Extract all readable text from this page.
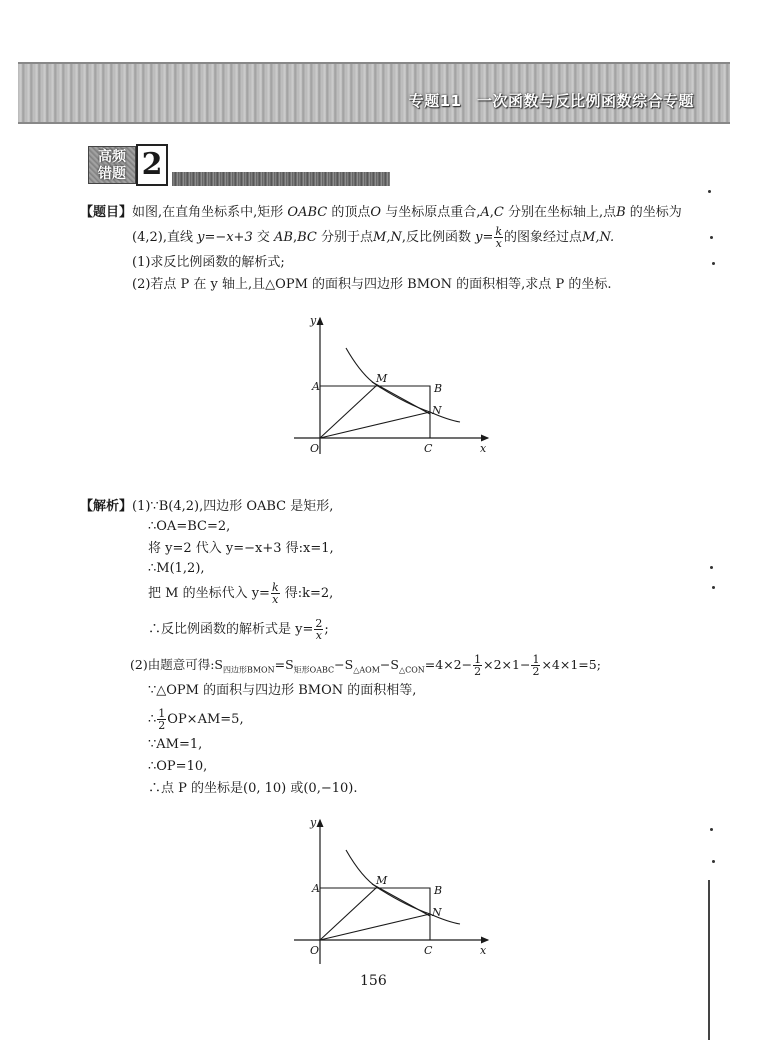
专题11　一次函数与反比例函数综合专题
高频
错题 2
【题目】如图,在直角坐标系中,矩形 OABC 的顶点O 与坐标原点重合,A,C 分别在坐标轴上,点B 的坐标为
(4,2),直线 y=−x+3 交 AB,BC 分别于点M,N,反比例函数 $y= \frac{k}{x}$ 的图象经过点M,N.
(1)求反比例函数的解析式;
(2)若点 P 在 y 轴上,且△OPM 的面积与四边形 BMON 的面积相等,求点 P 的坐标.
y
x
A	B
M
N
O	C
【解析】(1)∵B(4,2),四边形 OABC 是矩形,
∴OA=BC=2,
将 y=2 代入 y=−x+3 得:x=1,
∴M(1,2),
把 M 的坐标代入 $y= \frac{k}{x}$ 得:k=2,
∴反比例函数的解析式是 $y= \frac{2}{x}$ ;
(2)由题意可得$:S_{四边形BMON}=S_{矩形OABC}-S_{\triangle AOM}-S_{\triangle CON}=4\times 2- \frac{1}{2} \times 2\times 1- \frac{1}{2} \times 4\times 1=5$;
∵△OPM 的面积与四边形 BMON 的面积相等,
∴ $\frac{1}{2} OP\times AM=5$,
∵AM=1,
∴OP=10,
∴点 P 的坐标是(0, 10) 或(0,−10).
y
x
A	B
M
N
O	C
156
